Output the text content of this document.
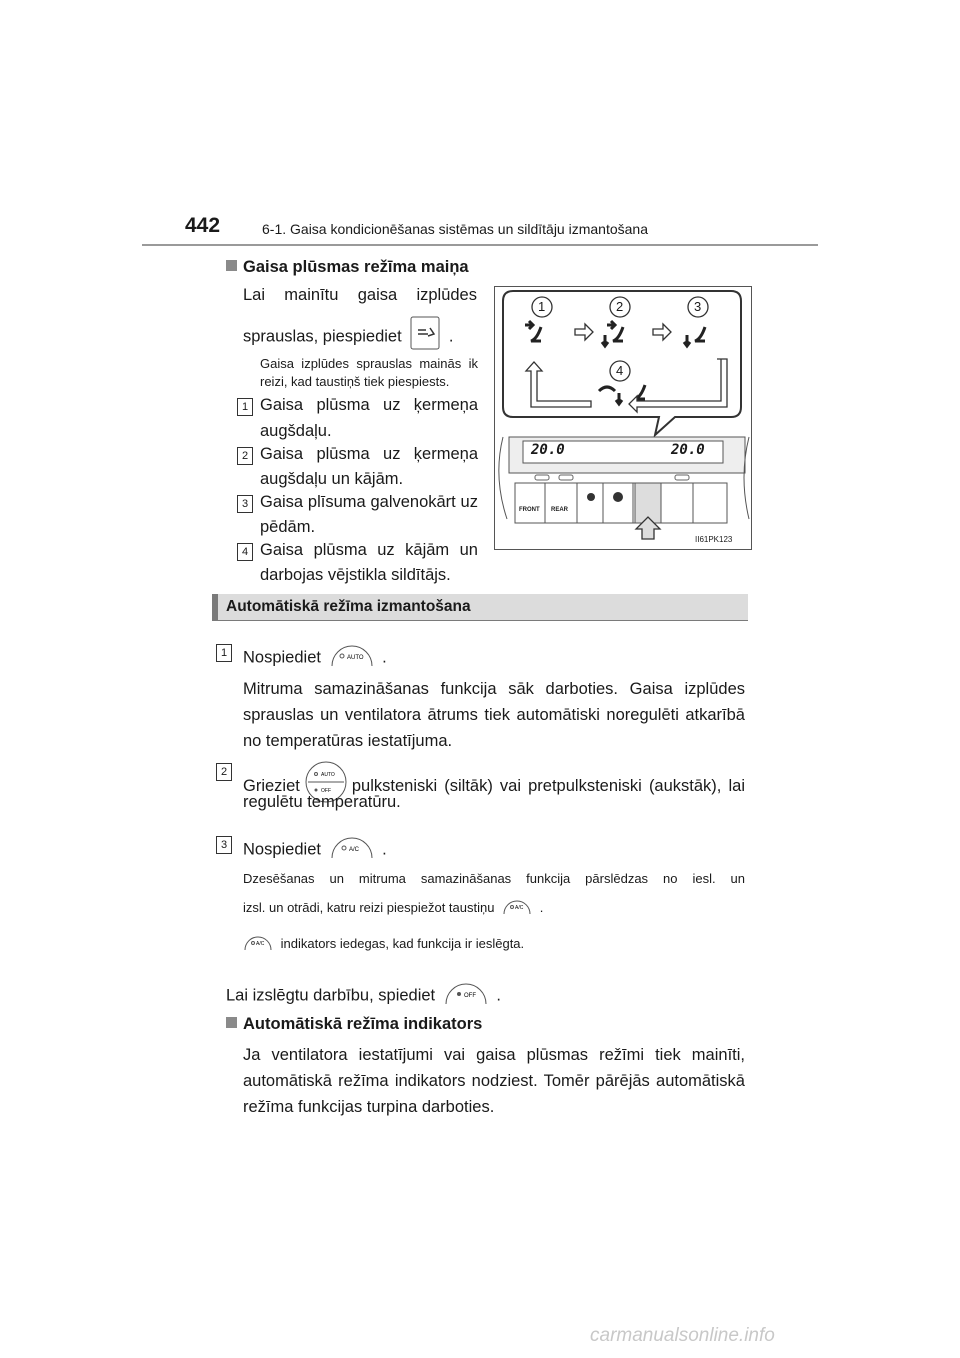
442	6-1. Gaisa kondicionēšanas sistēmas un sildītāju izmantošana
Gaisa plūsmas režīma maiņa
Lai mainītu gaisa izplūdes
sprauslas, piespiediet	.
Gaisa izplūdes sprauslas mainās ik
reizi, kad taustiņš tiek piespiests.
1 Gaisa plūsma uz ķermeņa
augšdaļu.
2 Gaisa plūsma uz ķermeņa
augšdaļu un kājām.
3 Gaisa plīsuma galvenokārt uz
pēdām.
4 Gaisa plūsma uz kājām un
darbojas vējstikla sildītājs.
1	2	3
4
20.0	20.0
FRONT REAR
II61PK123
Automātiskā režīma izmantošana
1 Nospiediet	AUTO .
Mitruma samazināšanas funkcija sāk darboties. Gaisa izplūdes sprauslas un ventilatora ātrums tiek automātiski noregulēti atkarībā no temperatūras iestatījuma.
2
Grieziet
AUTO
OFF pulksteniski (siltāk) vai pretpulksteniski (aukstāk), lai
regulētu temperatūru.
3 Nospiediet	A/C .
Dzesēšanas un mitruma samazināšanas funkcija pārslēdzas no iesl. un
izsl. un otrādi, katru reizi piespiežot taustiņu	A/C .
A/C indikators iedegas, kad funkcija ir ieslēgta.
Lai izslēgtu darbību, spiediet	OFF .
Automātiskā režīma indikators
Ja ventilatora iestatījumi vai gaisa plūsmas režīmi tiek mainīti, automātiskā režīma indikators nodziest. Tomēr pārējās automātiskā režīma funkcijas turpina darboties.
carmanualsonline.info
